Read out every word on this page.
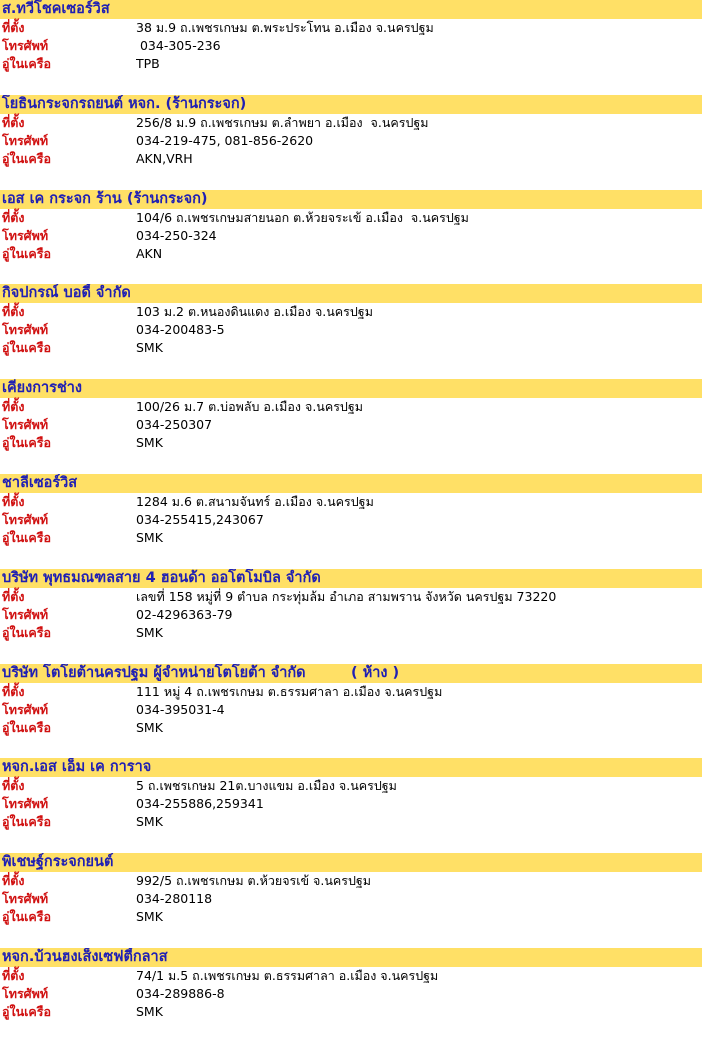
ส.ทวีโชคเซอร์วิส
ที่ตั้ง	38 ม.9 ถ.เพชรเกษม ต.พระประโทน อ.เมือง จ.นครปฐม
โทรศัพท์	034-305-236
อู่ในเครือ	TPB
โยธินกระจกรถยนต์ หจก. (ร้านกระจก)
ที่ตั้ง	256/8 ม.9 ถ.เพชรเกษม ต.ลำพยา อ.เมือง  จ.นครปฐม
โทรศัพท์	034-219-475, 081-856-2620
อู่ในเครือ	AKN,VRH
เอส เค กระจก ร้าน (ร้านกระจก)
ที่ตั้ง	104/6 ถ.เพชรเกษมสายนอก ต.ห้วยจระเข้ อ.เมือง  จ.นครปฐม
โทรศัพท์	034-250-324
อู่ในเครือ	AKN
กิจปกรณ์ บอดี้ จำกัด
ที่ตั้ง	103 ม.2 ต.หนองดินแดง อ.เมือง จ.นครปฐม
โทรศัพท์	034-200483-5
อู่ในเครือ	SMK
เคี่ยงการช่าง
ที่ตั้ง	100/26 ม.7 ต.บ่อพลับ อ.เมือง จ.นครปฐม
โทรศัพท์	034-250307
อู่ในเครือ	SMK
ชาลีเซอร์วิส
ที่ตั้ง	1284 ม.6 ต.สนามจันทร์ อ.เมือง จ.นครปฐม
โทรศัพท์	034-255415,243067
อู่ในเครือ	SMK
บริษัท พุทธมณฑลสาย 4 ฮอนด้า ออโตโมบิล จำกัด
ที่ตั้ง	เลขที่ 158 หมู่ที่ 9 ตำบล กระทุ่มล้ม อำเภอ สามพราน จังหวัด นครปฐม 73220
โทรศัพท์	02-4296363-79
อู่ในเครือ	SMK
บริษัท โตโยต้านครปฐม ผู้จำหน่ายโตโยต้า จำกัด         ( ห้าง )
ที่ตั้ง	111 หมู่ 4 ถ.เพชรเกษม ต.ธรรมศาลา อ.เมือง จ.นครปฐม
โทรศัพท์	034-395031-4
อู่ในเครือ	SMK
หจก.เอส เอ็ม เค การาจ
ที่ตั้ง	5 ถ.เพชรเกษม 21ต.บางแขม อ.เมือง จ.นครปฐม
โทรศัพท์	034-255886,259341
อู่ในเครือ	SMK
พิเชษฐ์กระจกยนต์
ที่ตั้ง	992/5 ถ.เพชรเกษม ต.ห้วยจรเข้ จ.นครปฐม
โทรศัพท์	034-280118
อู่ในเครือ	SMK
หจก.บ้วนฮงเส็งเซฟตี้กลาส
ที่ตั้ง	74/1 ม.5 ถ.เพชรเกษม ต.ธรรมศาลา อ.เมือง จ.นครปฐม
โทรศัพท์	034-289886-8
อู่ในเครือ	SMK
